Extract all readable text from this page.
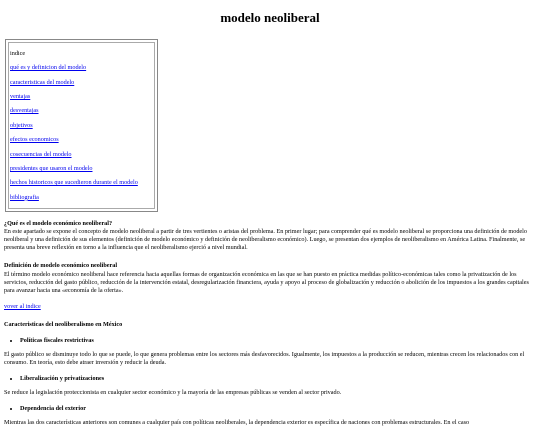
modelo neoliberal
indice
qué es y definicion del modelo
caracteristicas del modelo
ventajas
desventajas
objetivos
efectos economicos
cosecuencias del modelo
presidentes que usaron el modelo
hechos historicos que sucedieron durante el modelo
bibliografia

¿Qué es el modelo económico neoliberal?

En este apartado se expone el concepto de modelo neoliberal a partir de tres vertientes o aristas del problema. En primer lugar; para comprender qué es modelo neoliberal se proporciona una definición de modelo neoliberal y una definición de sus elementos (definición de modelo económico y definición de neoliberalismo económico). Luego, se presentan dos ejemplos de neoliberalismo en América Latina. Finalmente, se presenta una breve reflexión en torno a la influencia que el neoliberalismo ejerció a nivel mundial.

Definición de modelo económico neoliberal

El término modelo económico neoliberal hace referencia hacia aquellas formas de organización económica en las que se han puesto en práctica medidas político-económicas tales como la privatización de los servicios, reducción del gasto público, reducción de la intervención estatal, desregularización financiera, ayuda y apoyo al proceso de globalización y reducción o abolición de los impuestos a los grandes capitales para avanzar hacia una «economía de la oferta».

vover al indice

Caracteristicas del neoliberalismo en México

• Políticas fiscales restrictivas

El gasto público se disminuye todo lo que se puede, lo que genera problemas entre los sectores más desfavorecidos. Igualmente, los impuestos a la producción se reducen, mientras crecen los relacionados con el consumo. En teoría, esto debe atraer inversión y reducir la deuda.

• Liberalización y privatizaciones

Se reduce la legislación proteccionista en cualquier sector económico y la mayoría de las empresas públicas se venden al sector privado.

• Dependencia del exterior

Mientras las dos características anteriores son comunes a cualquier país con políticas neoliberales, la dependencia exterior es específica de naciones con problemas estructurales. En el caso
